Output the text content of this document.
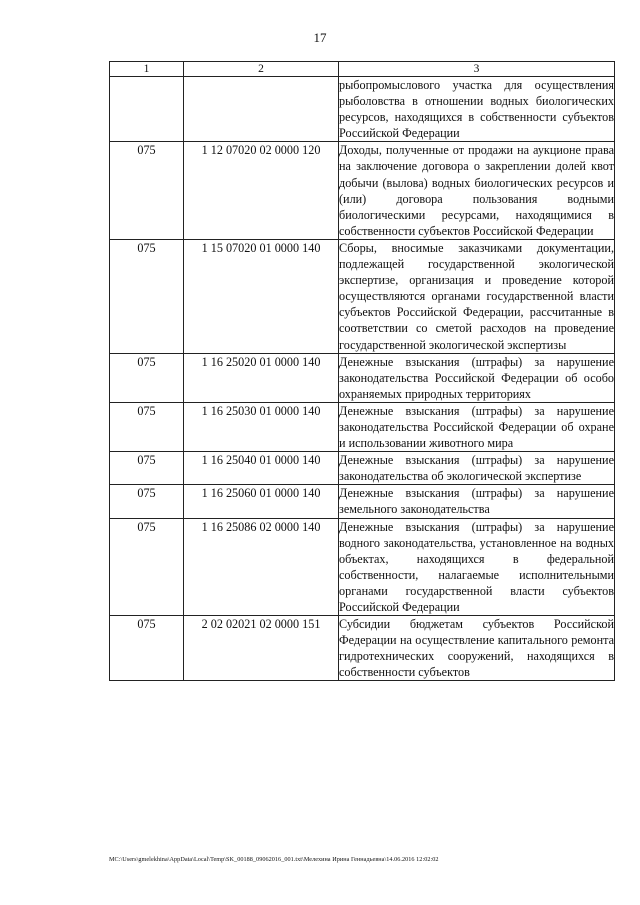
17
1	2	3
		рыбопромыслового участка для осуществления рыболовства в отношении водных биологических ресурсов, находящихся в собственности субъектов Российской Федерации
075	1 12 07020 02 0000 120	Доходы, полученные от продажи на аукционе права на заключение договора о закреплении долей квот добычи (вылова) водных биологических ресурсов и (или) договора пользования водными биологическими ресурсами, находящимися в собственности субъектов Российской Федерации
075	1 15 07020 01 0000 140	Сборы, вносимые заказчиками документации, подлежащей государственной экологической экспертизе, организация и проведение которой осуществляются органами государственной власти субъектов Российской Федерации, рассчитанные в соответствии со сметой расходов на проведение государственной экологической экспертизы
075	1 16 25020 01 0000 140	Денежные взыскания (штрафы) за нарушение законодательства Российской Федерации об особо охраняемых природных территориях
075	1 16 25030 01 0000 140	Денежные взыскания (штрафы) за нарушение законодательства Российской Федерации об охране и использовании животного мира
075	1 16 25040 01 0000 140	Денежные взыскания (штрафы) за нарушение законодательства об экологической экспертизе
075	1 16 25060 01 0000 140	Денежные взыскания (штрафы) за нарушение земельного законодательства
075	1 16 25086 02 0000 140	Денежные взыскания (штрафы) за нарушение водного законодательства, установленное на водных объектах, находящихся в федеральной собственности, налагаемые исполнительными органами государственной власти субъектов Российской Федерации
075	2 02 02021 02 0000 151	Субсидии бюджетам субъектов Российской Федерации на осуществление капитального ремонта гидротехнических сооружений, находящихся в собственности субъектов
МС:\Users\gmelekhina\AppData\Local\Temp\SK_00188_09062016_001.txt\Мелехина Ирина Геннадьевна\14.06.2016 12:02:02
